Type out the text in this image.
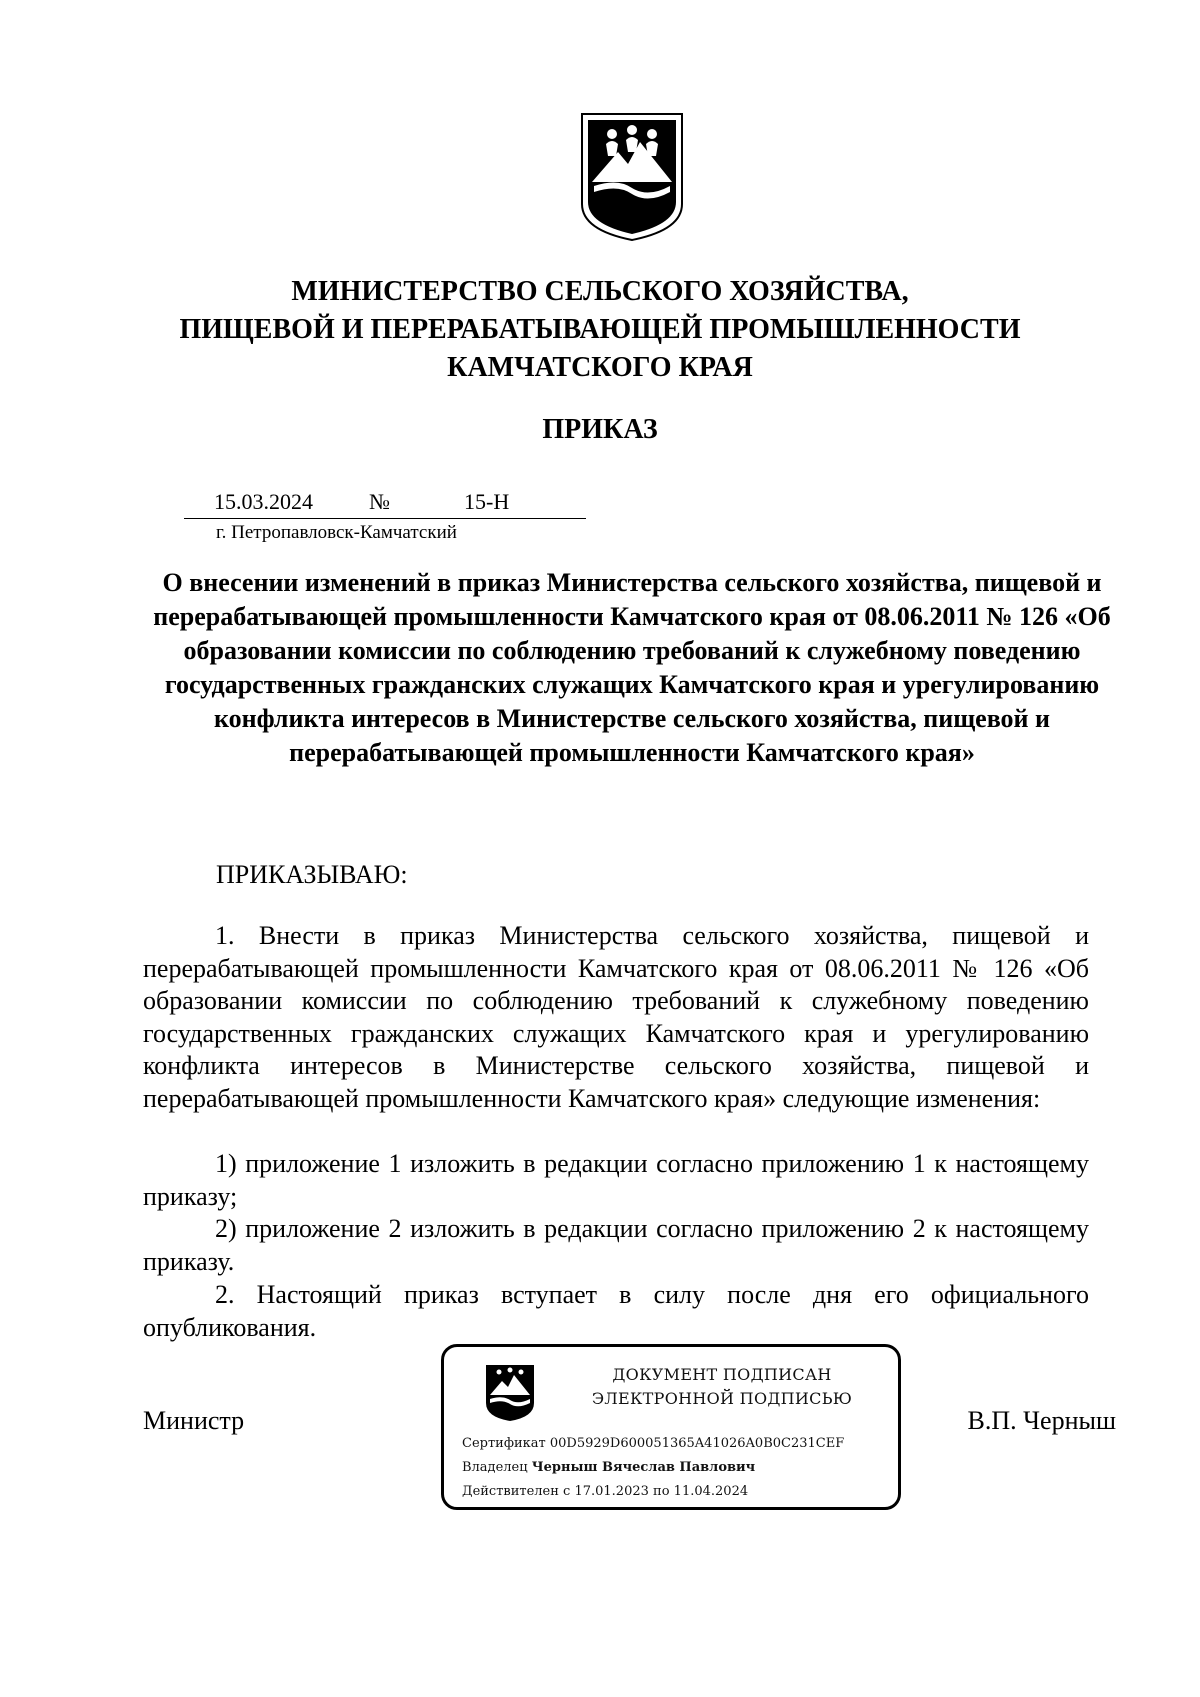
МИНИСТЕРСТВО СЕЛЬСКОГО ХОЗЯЙСТВА,
ПИЩЕВОЙ И ПЕРЕРАБАТЫВАЮЩЕЙ ПРОМЫШЛЕННОСТИ
КАМЧАТСКОГО КРАЯ
ПРИКАЗ
15.03.2024	№	15-Н
г. Петропавловск-Камчатский
О внесении изменений в приказ Министерства сельского хозяйства, пищевой и перерабатывающей промышленности Камчатского края от 08.06.2011 № 126 «Об образовании комиссии по соблюдению требований к служебному поведению государственных гражданских служащих Камчатского края и урегулированию конфликта интересов в Министерстве сельского хозяйства, пищевой и перерабатывающей промышленности Камчатского края»
ПРИКАЗЫВАЮ:

1. Внести в приказ Министерства сельского хозяйства, пищевой и перерабатывающей промышленности Камчатского края от 08.06.2011 № 126 «Об образовании комиссии по соблюдению требований к служебному поведению государственных гражданских служащих Камчатского края и урегулированию конфликта интересов в Министерстве сельского хозяйства, пищевой и перерабатывающей промышленности Камчатского края» следующие изменения:

1) приложение 1 изложить в редакции согласно приложению 1 к настоящему приказу;

2) приложение 2 изложить в редакции согласно приложению 2 к настоящему приказу.

2. Настоящий приказ вступает в силу после дня его официального опубликования.

Министр	В.П. Черныш
ДОКУМЕНТ ПОДПИСАН
ЭЛЕКТРОННОЙ ПОДПИСЬЮ
Сертификат 00D5929D600051365A41026A0B0C231CEF
Владелец Черныш Вячеслав Павлович
Действителен с 17.01.2023 по 11.04.2024
